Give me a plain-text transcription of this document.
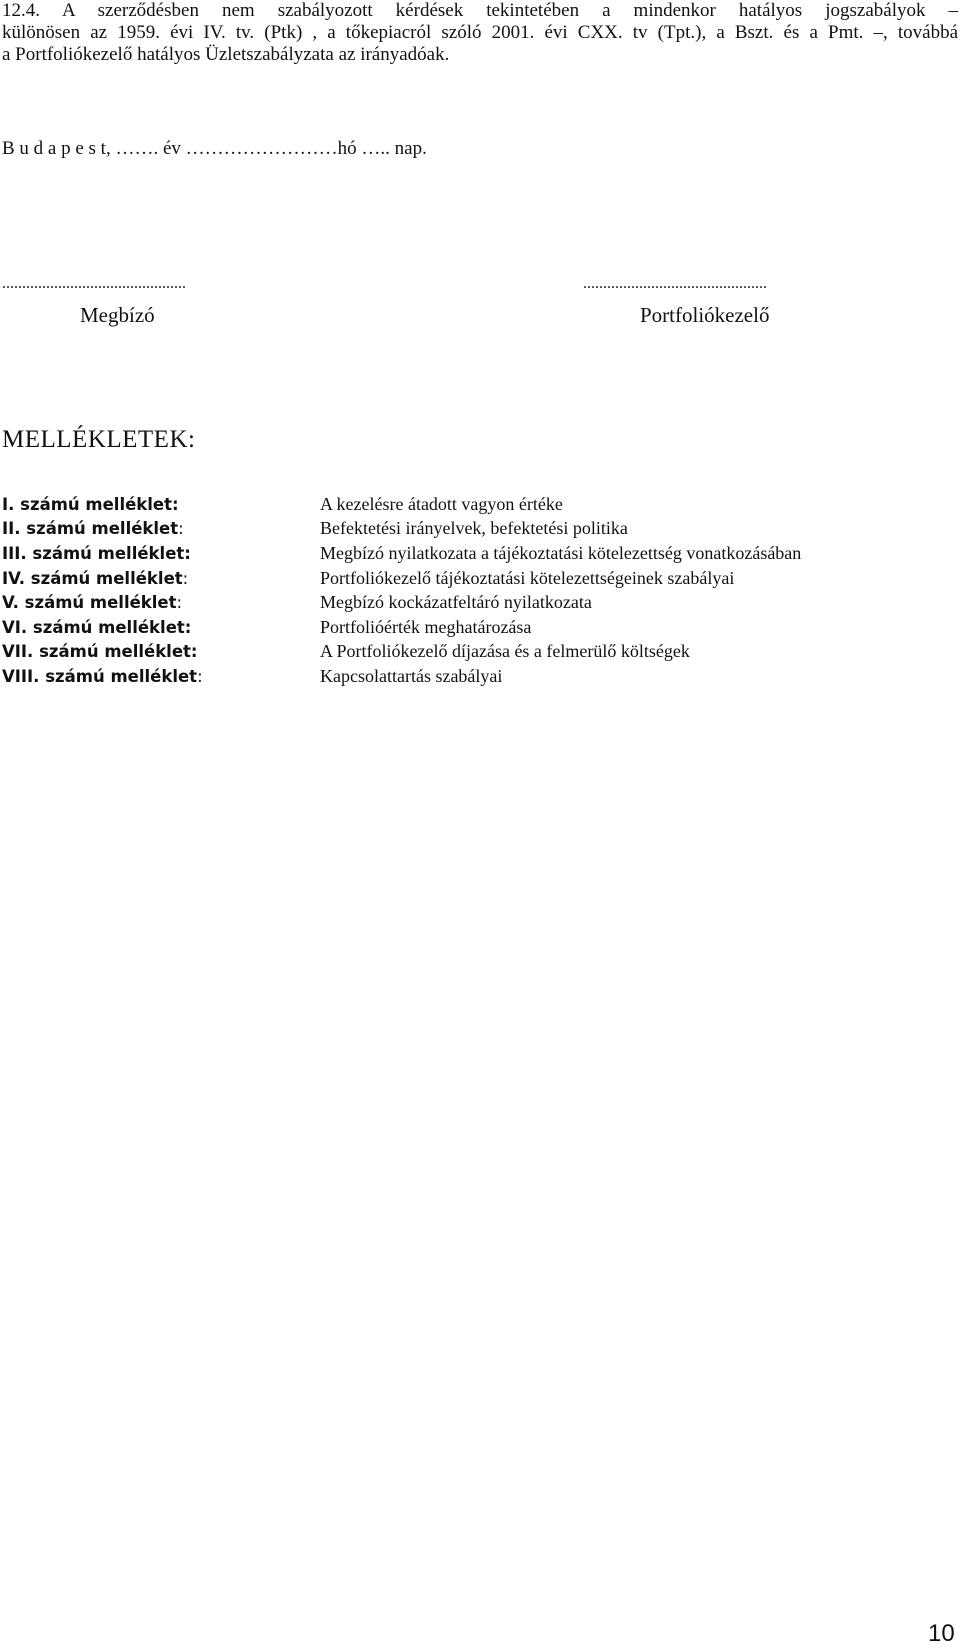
12.4. A szerződésben nem szabályozott kérdések tekintetében a mindenkor hatályos jogszabályok –
különösen az 1959. évi IV. tv. (Ptk) , a tőkepiacról szóló 2001. évi CXX. tv (Tpt.), a Bszt. és a Pmt. –, továbbá
a Portfoliókezelő hatályos Üzletszabályzata az irányadóak.
B u d a p e s t, ……. év ……………………hó ….. nap.
..............................................	..............................................
Megbízó	Portfoliókezelő
MELLÉKLETEK:
I. számú melléklet:	A kezelésre átadott vagyon értéke
II. számú melléklet:	Befektetési irányelvek, befektetési politika
III. számú melléklet:	Megbízó nyilatkozata a tájékoztatási kötelezettség vonatkozásában
IV. számú melléklet:	Portfoliókezelő tájékoztatási kötelezettségeinek szabályai
V. számú melléklet:	Megbízó kockázatfeltáró nyilatkozata
VI. számú melléklet:	Portfolióérték meghatározása
VII. számú melléklet:	A Portfoliókezelő díjazása és a felmerülő költségek
VIII. számú melléklet:	Kapcsolattartás szabályai
10
